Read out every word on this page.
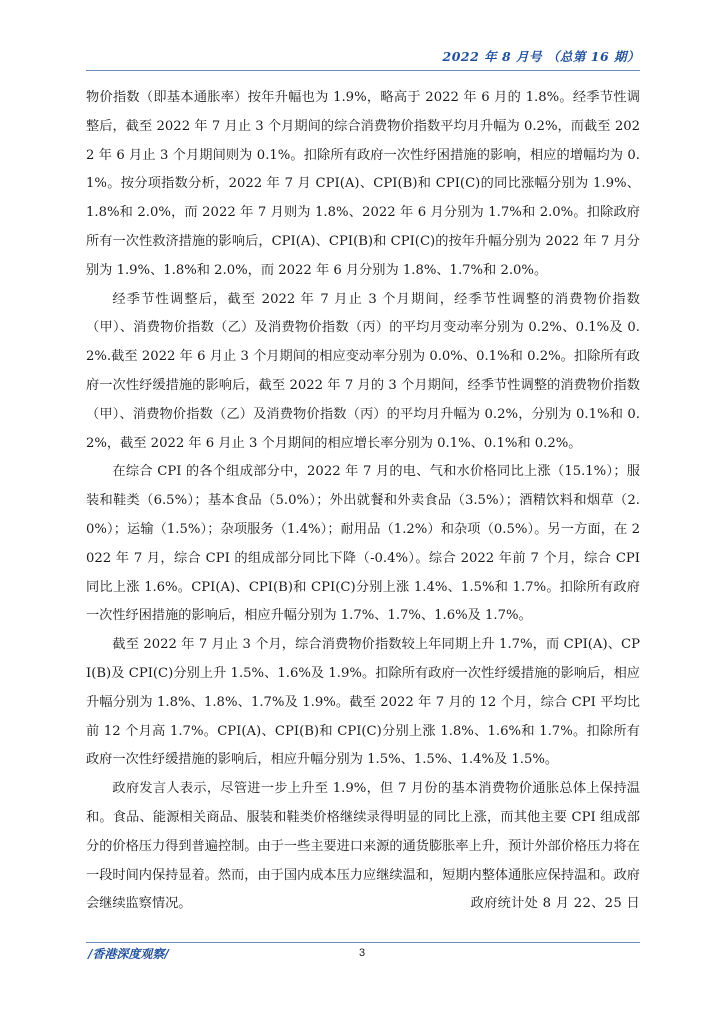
2022 年 8 月号 （总第 16 期）

物价指数（即基本通胀率）按年升幅也为 1.9%，略高于 2022 年 6 月的 1.8%。经季节性调整后，截至 2022 年 7 月止 3 个月期间的综合消费物价指数平均月升幅为 0.2%，而截至 2022 年 6 月止 3 个月期间则为 0.1%。扣除所有政府一次性纾困措施的影响，相应的增幅均为 0.1%。按分项指数分析，2022 年 7 月 CPI(A)、CPI(B)和 CPI(C)的同比涨幅分别为 1.9%、1.8%和 2.0%，而 2022 年 7 月则为 1.8%、2022 年 6 月分别为 1.7%和 2.0%。扣除政府所有一次性救济措施的影响后，CPI(A)、CPI(B)和 CPI(C)的按年升幅分别为 2022 年 7 月分别为 1.9%、1.8%和 2.0%，而 2022 年 6 月分别为 1.8%、1.7%和 2.0%。

经季节性调整后，截至 2022 年 7 月止 3 个月期间，经季节性调整的消费物价指数（甲）、消费物价指数（乙）及消费物价指数（丙）的平均月变动率分别为 0.2%、0.1%及 0.2%.截至 2022 年 6 月止 3 个月期间的相应变动率分别为 0.0%、0.1%和 0.2%。扣除所有政府一次性纾缓措施的影响后，截至 2022 年 7 月的 3 个月期间，经季节性调整的消费物价指数（甲）、消费物价指数（乙）及消费物价指数（丙）的平均月升幅为 0.2%，分别为 0.1%和 0.2%，截至 2022 年 6 月止 3 个月期间的相应增长率分别为 0.1%、0.1%和 0.2%。

在综合 CPI 的各个组成部分中，2022 年 7 月的电、气和水价格同比上涨（15.1%）；服装和鞋类（6.5%）；基本食品（5.0%）；外出就餐和外卖食品（3.5%）；酒精饮料和烟草（2.0%）；运输（1.5%）；杂项服务（1.4%）；耐用品（1.2%）和杂项（0.5%）。另一方面，在 2022 年 7 月，综合 CPI 的组成部分同比下降（-0.4%）。综合 2022 年前 7 个月，综合 CPI 同比上涨 1.6%。CPI(A)、CPI(B)和 CPI(C)分别上涨 1.4%、1.5%和 1.7%。扣除所有政府一次性纾困措施的影响后，相应升幅分别为 1.7%、1.7%、1.6%及 1.7%。

截至 2022 年 7 月止 3 个月，综合消费物价指数较上年同期上升 1.7%，而 CPI(A)、CPI(B)及 CPI(C)分别上升 1.5%、1.6%及 1.9%。扣除所有政府一次性纾缓措施的影响后，相应升幅分别为 1.8%、1.8%、1.7%及 1.9%。截至 2022 年 7 月的 12 个月，综合 CPI 平均比前 12 个月高 1.7%。CPI(A)、CPI(B)和 CPI(C)分别上涨 1.8%、1.6%和 1.7%。扣除所有政府一次性纾缓措施的影响后，相应升幅分别为 1.5%、1.5%、1.4%及 1.5%。

政府发言人表示，尽管进一步上升至 1.9%，但 7 月份的基本消费物价通胀总体上保持温和。食品、能源相关商品、服装和鞋类价格继续录得明显的同比上涨，而其他主要 CPI 组成部分的价格压力得到普遍控制。由于一些主要进口来源的通货膨胀率上升，预计外部价格压力将在一段时间内保持显着。然而，由于国内成本压力应继续温和，短期内整体通胀应保持温和。政府会继续监察情况。	政府统计处 8 月 22、25 日

/香港深度观察/	3
